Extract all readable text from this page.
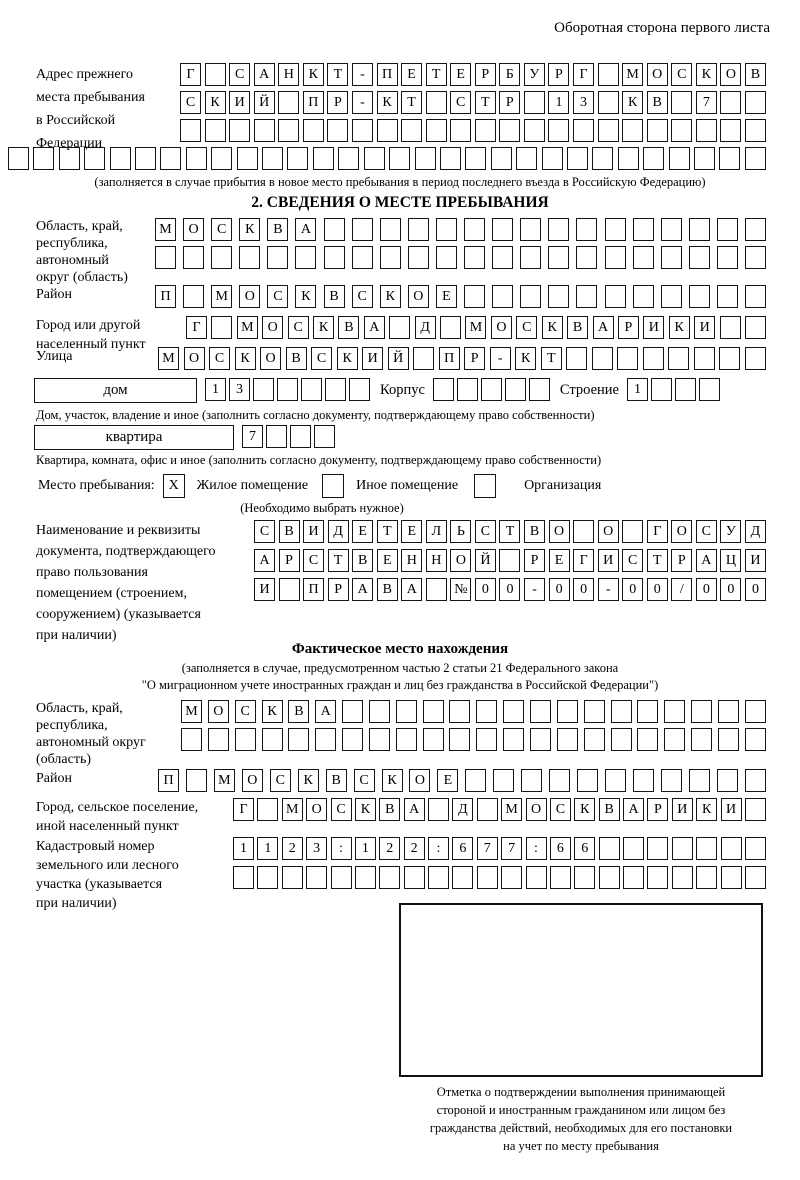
Оборотная сторона первого листа
Адрес прежнего
места пребывания
в Российской
Федерации
Г	С	А	Н	К	Т	-	П	Е	Т	Е	Р	Б	У	Р	Г	М О	С	К	О	В
С	К	И	Й	П	Р	-	К	Т	С	Т	Р	1	3	К	В	7
(заполняется в случае прибытия в новое место пребывания в период последнего въезда в Российскую Федерацию)
2. СВЕДЕНИЯ О МЕСТЕ ПРЕБЫВАНИЯ
Область, край,
республика,
автономный
округ (область)
М	О	С	К	В	А
Район	П	М	О	С	К	В	С	К	О	Е
Город или другой
населенный пункт
Г	М	О	С	К	В	А	Д	М	О	С	К	В	А	Р	И	К	И
Улица	М	О	С	К	О	В	С	К	И	Й	П	Р	-	К	Т
дом	1	3	Корпус	Строение	1
Дом, участок, владение и иное (заполнить согласно документу, подтверждающему право собственности)
квартира	7
Квартира, комната, офис и иное (заполнить согласно документу, подтверждающему право собственности)
Место пребывания: X	Жилое помещение	Иное помещение	Организация
(Необходимо выбрать нужное)
Наименование и реквизиты
документа, подтверждающего
право пользования
помещением (строением,
сооружением) (указывается
при наличии)
С	В	И	Д	Е	Т	Е	Л	Ь	С	Т	В	О	О	Г	О	С	У	Д
А	Р	С	Т	В	Е	Н	Н	О	Й	Р	Е	Г	И	С	Т	Р	А	Ц	И
И	П	Р	А	В	А	№	0	0	-	0	0	-	0	0	/	0	0	0
Фактическое место нахождения
(заполняется в случае, предусмотренном частью 2 статьи 21 Федерального закона
"О миграционном учете иностранных граждан и лиц без гражданства в Российской Федерации")
Область, край,
республика,
автономный округ
(область)
М	О	С	К	В	А
Район	П	М	О	С	К	В	С	К	О	Е
Город, сельское поселение,
иной населенный пункт
Г	М О	С	К	В	А	Д	М О	С	К	В	А	Р	И	К	И
Кадастровый номер
земельного или лесного
участка (указывается
при наличии)
1	1	2	3	:	1	2	2	:	6	7	7	:	6	6
Отметка о подтверждении выполнения принимающей
стороной и иностранным гражданином или лицом без
гражданства действий, необходимых для его постановки
на учет по месту пребывания
